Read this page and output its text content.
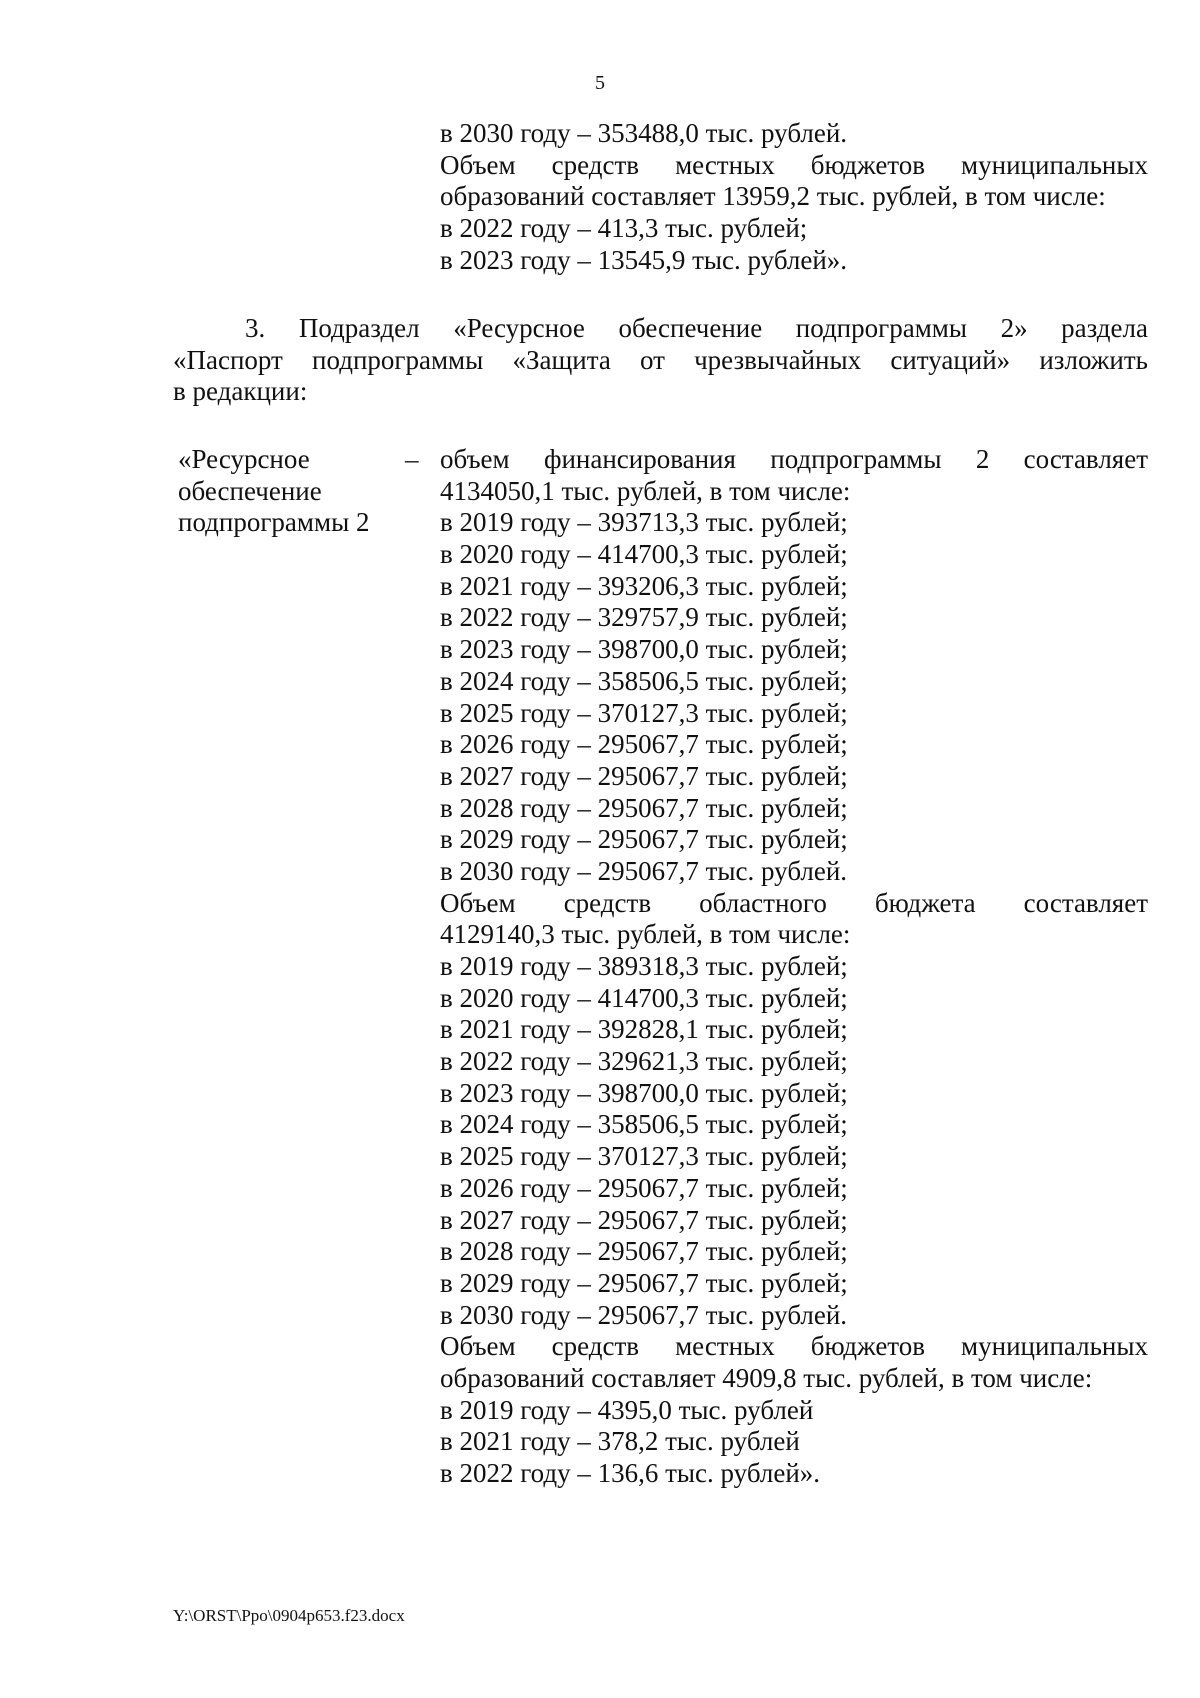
5
в 2030 году – 353488,0 тыс. рублей.
Объем средств местных бюджетов муниципальных
образований составляет 13959,2 тыс. рублей, в том числе:
в 2022 году – 413,3 тыс. рублей;
в 2023 году – 13545,9 тыс. рублей».
3. Подраздел «Ресурсное обеспечение подпрограммы 2» раздела
«Паспорт подпрограммы «Защита от чрезвычайных ситуаций» изложить
в редакции:
«Ресурсное
обеспечение
подпрограммы 2
– объем финансирования подпрограммы 2 составляет
4134050,1 тыс. рублей, в том числе:
в 2019 году – 393713,3 тыс. рублей;
в 2020 году – 414700,3 тыс. рублей;
в 2021 году – 393206,3 тыс. рублей;
в 2022 году – 329757,9 тыс. рублей;
в 2023 году – 398700,0 тыс. рублей;
в 2024 году – 358506,5 тыс. рублей;
в 2025 году – 370127,3 тыс. рублей;
в 2026 году – 295067,7 тыс. рублей;
в 2027 году – 295067,7 тыс. рублей;
в 2028 году – 295067,7 тыс. рублей;
в 2029 году – 295067,7 тыс. рублей;
в 2030 году – 295067,7 тыс. рублей.
Объем средств областного бюджета составляет
4129140,3 тыс. рублей, в том числе:
в 2019 году – 389318,3 тыс. рублей;
в 2020 году – 414700,3 тыс. рублей;
в 2021 году – 392828,1 тыс. рублей;
в 2022 году – 329621,3 тыс. рублей;
в 2023 году – 398700,0 тыс. рублей;
в 2024 году – 358506,5 тыс. рублей;
в 2025 году – 370127,3 тыс. рублей;
в 2026 году – 295067,7 тыс. рублей;
в 2027 году – 295067,7 тыс. рублей;
в 2028 году – 295067,7 тыс. рублей;
в 2029 году – 295067,7 тыс. рублей;
в 2030 году – 295067,7 тыс. рублей.
Объем средств местных бюджетов муниципальных
образований составляет 4909,8 тыс. рублей, в том числе:
в 2019 году – 4395,0 тыс. рублей
в 2021 году – 378,2 тыс. рублей
в 2022 году – 136,6 тыс. рублей».
Y:\ORST\Ppo\0904p653.f23.docx
